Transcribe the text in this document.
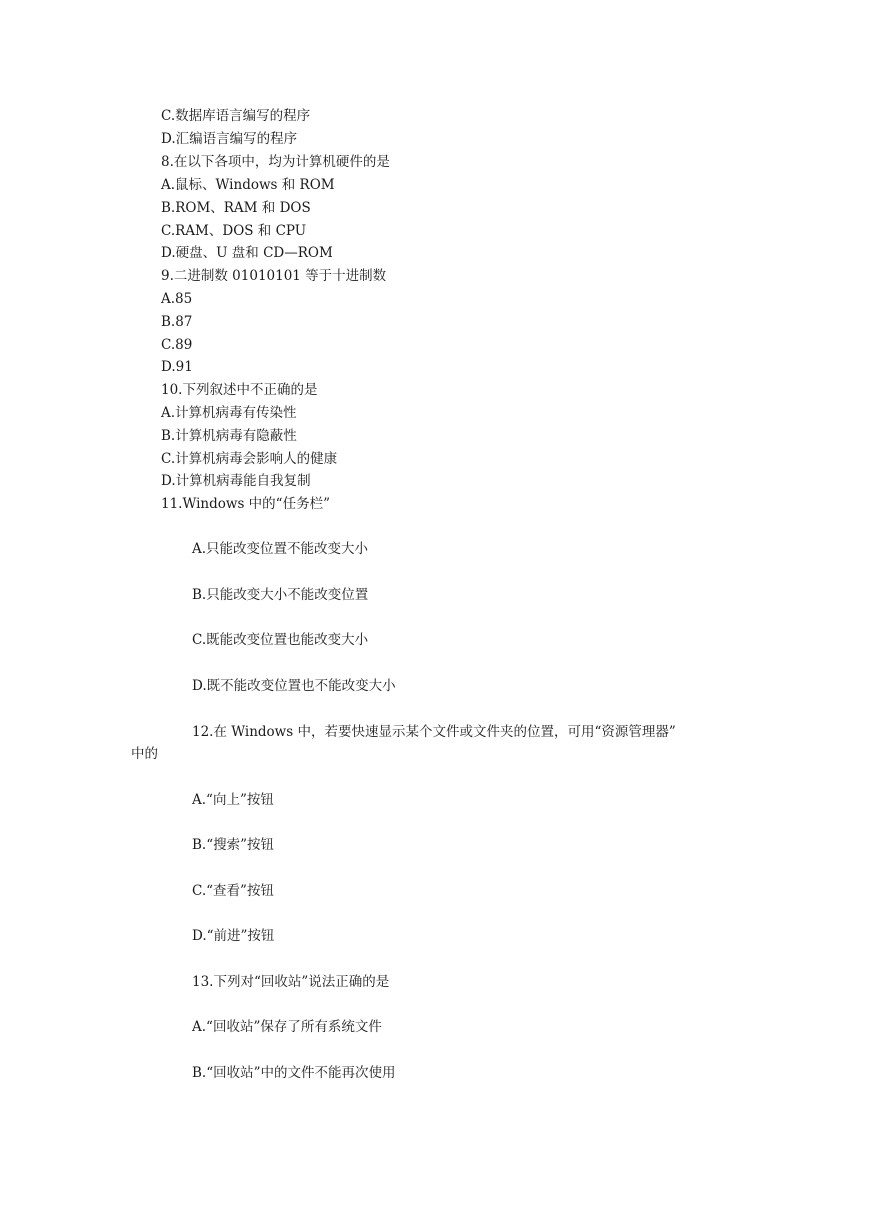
C.数据库语言编写的程序
D.汇编语言编写的程序
8.在以下各项中，均为计算机硬件的是
A.鼠标、Windows 和 ROM
B.ROM、RAM 和 DOS
C.RAM、DOS 和 CPU
D.硬盘、U 盘和 CD—ROM
9.二进制数 01010101 等于十进制数
A.85
B.87
C.89
D.91
10.下列叙述中不正确的是
A.计算机病毒有传染性
B.计算机病毒有隐蔽性
C.计算机病毒会影响人的健康
D.计算机病毒能自我复制
11.Windows 中的“任务栏”
A.只能改变位置不能改变大小
B.只能改变大小不能改变位置
C.既能改变位置也能改变大小
D.既不能改变位置也不能改变大小
12.在 Windows 中，若要快速显示某个文件或文件夹的位置，可用“资源管理器”
中的
A.“向上”按钮
B.“搜索”按钮
C.“查看”按钮
D.“前进”按钮
13.下列对“回收站”说法正确的是
A.“回收站”保存了所有系统文件
B.“回收站”中的文件不能再次使用
